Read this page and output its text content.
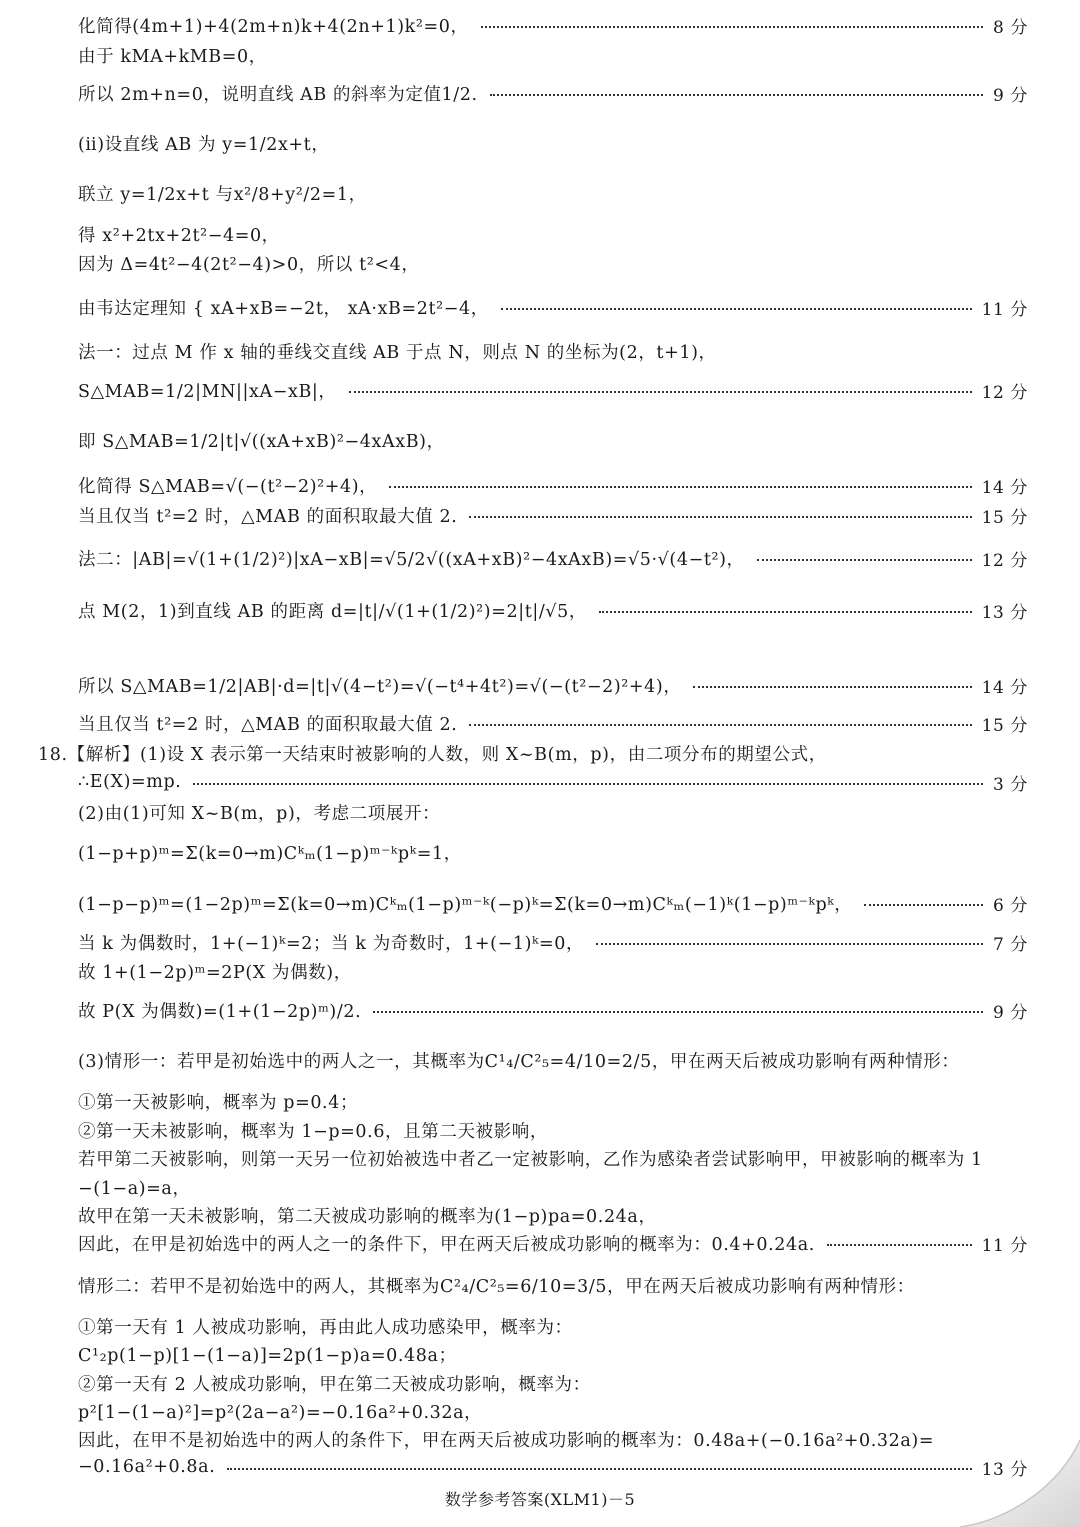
化简得(4m+1)+4(2m+n)k+4(2n+1)k²=0，	8 分
由于 kMA+kMB=0，
所以 2m+n=0，说明直线 AB 的斜率为定值1/2.	9 分
(ⅱ)设直线 AB 为 y=1/2x+t，
联立 y=1/2x+t 与x²/8+y²/2=1，
得 x²+2tx+2t²−4=0，
因为 Δ=4t²−4(2t²−4)>0，所以 t²<4，
由韦达定理知 { xA+xB=−2t， xA·xB=2t²−4，	11 分
法一：过点 M 作 x 轴的垂线交直线 AB 于点 N，则点 N 的坐标为(2，t+1)，
S△MAB=1/2|MN||xA−xB|，	12 分
即 S△MAB=1/2|t|√((xA+xB)²−4xAxB)，
化简得 S△MAB=√(−(t²−2)²+4)，	14 分
当且仅当 t²=2 时，△MAB 的面积取最大值 2.	15 分
法二：|AB|=√(1+(1/2)²)|xA−xB|=√5/2√((xA+xB)²−4xAxB)=√5·√(4−t²)，	12 分
点 M(2，1)到直线 AB 的距离 d=|t|/√(1+(1/2)²)=2|t|/√5，	13 分
所以 S△MAB=1/2|AB|·d=|t|√(4−t²)=√(−t⁴+4t²)=√(−(t²−2)²+4)，	14 分
当且仅当 t²=2 时，△MAB 的面积取最大值 2.	15 分
18.【解析】(1)设 X 表示第一天结束时被影响的人数，则 X~B(m，p)，由二项分布的期望公式，
∴E(X)=mp.	3 分
(2)由(1)可知 X~B(m，p)，考虑二项展开：
(1−p+p)ᵐ=Σ(k=0→m)Cᵏₘ(1−p)ᵐ⁻ᵏpᵏ=1，
(1−p−p)ᵐ=(1−2p)ᵐ=Σ(k=0→m)Cᵏₘ(1−p)ᵐ⁻ᵏ(−p)ᵏ=Σ(k=0→m)Cᵏₘ(−1)ᵏ(1−p)ᵐ⁻ᵏpᵏ，	6 分
当 k 为偶数时，1+(−1)ᵏ=2；当 k 为奇数时，1+(−1)ᵏ=0，	7 分
故 1+(1−2p)ᵐ=2P(X 为偶数)，
故 P(X 为偶数)=(1+(1−2p)ᵐ)/2.	9 分
(3)情形一：若甲是初始选中的两人之一，其概率为C¹₄/C²₅=4/10=2/5，甲在两天后被成功影响有两种情形：
①第一天被影响，概率为 p=0.4；
②第一天未被影响，概率为 1−p=0.6，且第二天被影响，
若甲第二天被影响，则第一天另一位初始被选中者乙一定被影响，乙作为感染者尝试影响甲，甲被影响的概率为 1
−(1−a)=a，
故甲在第一天未被影响，第二天被成功影响的概率为(1−p)pa=0.24a，
因此，在甲是初始选中的两人之一的条件下，甲在两天后被成功影响的概率为：0.4+0.24a.	11 分
情形二：若甲不是初始选中的两人，其概率为C²₄/C²₅=6/10=3/5，甲在两天后被成功影响有两种情形：
①第一天有 1 人被成功影响，再由此人成功感染甲，概率为：
C¹₂p(1−p)[1−(1−a)]=2p(1−p)a=0.48a；
②第一天有 2 人被成功影响，甲在第二天被成功影响，概率为：
p²[1−(1−a)²]=p²(2a−a²)=−0.16a²+0.32a，
因此，在甲不是初始选中的两人的条件下，甲在两天后被成功影响的概率为：0.48a+(−0.16a²+0.32a)=
−0.16a²+0.8a.	13 分
数学参考答案(XLM1)－5
